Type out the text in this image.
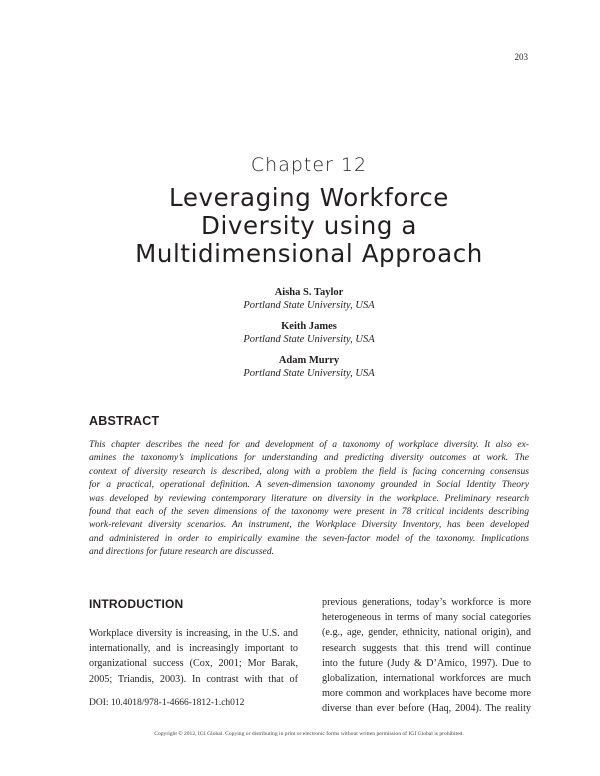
203
Chapter 12
Leveraging Workforce
Diversity using a
Multidimensional Approach
Aisha S. Taylor
Portland State University, USA
Keith James
Portland State University, USA
Adam Murry
Portland State University, USA
ABSTRACT
This chapter describes the need for and development of a taxonomy of workplace diversity. It also ex-
amines the taxonomy’s implications for understanding and predicting diversity outcomes at work. The
context of diversity research is described, along with a problem the field is facing concerning consensus
for a practical, operational definition. A seven-dimension taxonomy grounded in Social Identity Theory
was developed by reviewing contemporary literature on diversity in the workplace. Preliminary research
found that each of the seven dimensions of the taxonomy were present in 78 critical incidents describing
work-relevant diversity scenarios. An instrument, the Workplace Diversity Inventory, has been developed
and administered in order to empirically examine the seven-factor model of the taxonomy. Implications
and directions for future research are discussed.
INTRODUCTION
Workplace diversity is increasing, in the U.S. and
internationally, and is increasingly important to
organizational success (Cox, 2001; Mor Barak,
2005; Triandis, 2003). In contrast with that of
previous generations, today’s workforce is more
heterogeneous in terms of many social categories
(e.g., age, gender, ethnicity, national origin), and
research suggests that this trend will continue
into the future (Judy & D’Amico, 1997). Due to
globalization, international workforces are much
more common and workplaces have become more
diverse than ever before (Haq, 2004). The reality
DOI: 10.4018/978-1-4666-1812-1.ch012
Copyright © 2012, IGI Global. Copying or distributing in print or electronic forms without written permission of IGI Global is prohibited.
